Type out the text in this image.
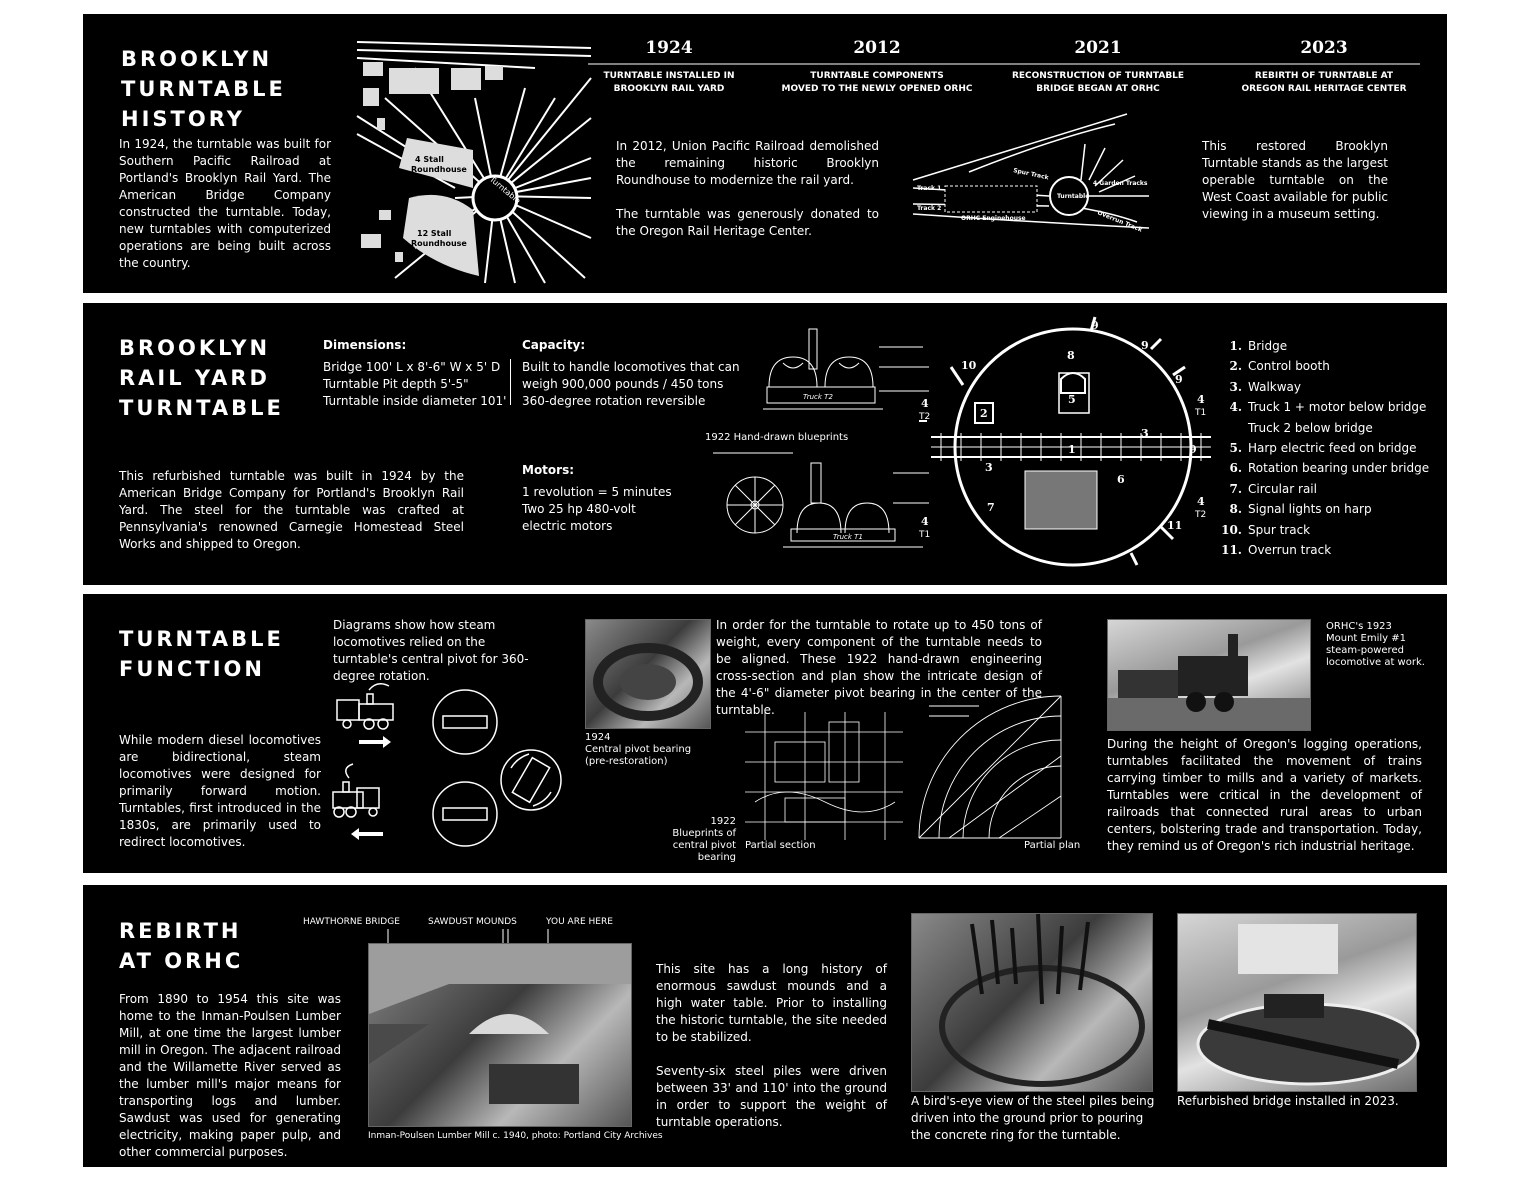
BROOKLYN
TURNTABLE
HISTORY
In 1924, the turntable was built for Southern Pacific Railroad at Portland's Brooklyn Rail Yard. The American Bridge Company constructed the turntable. Today, new turntables with computerized operations are being built across the country.
4 Stall
Roundhouse
12 Stall
Roundhouse
Turntable
1924
TURNTABLE INSTALLED IN
BROOKLYN RAIL YARD
2012
TURNTABLE COMPONENTS
MOVED TO THE NEWLY OPENED ORHC
2021
RECONSTRUCTION OF TURNTABLE
BRIDGE BEGAN AT ORHC
2023
REBIRTH OF TURNTABLE AT
OREGON RAIL HERITAGE CENTER
In 2012, Union Pacific Railroad demolished the remaining historic Brooklyn Roundhouse to modernize the rail yard.

The turntable was generously donated to the Oregon Rail Heritage Center.
Track 1
Track 2
Spur Track
Turntable
4 Garden Tracks
Overrun Track
ORHC Enginehouse
This restored Brooklyn Turntable stands as the largest operable turntable on the West Coast available for public viewing in a museum setting.
BROOKLYN
RAIL YARD
TURNTABLE
Dimensions:
Bridge 100' L x 8'-6" W x 5' D
Turntable Pit depth 5'-5"
Turntable inside diameter 101'
Capacity:
Built to handle locomotives that can weigh 900,000 pounds / 450 tons
360-degree rotation reversible
Motors:
1 revolution = 5 minutes
Two 25 hp 480-volt
electric motors
This refurbished turntable was built in 1924 by the American Bridge Company for Portland's Brooklyn Rail Yard. The steel for the turntable was crafted at Pennsylvania's renowned Carnegie Homestead Steel Works and shipped to Oregon.
Truck T2
1922 Hand-drawn blueprints
Truck T1
1
2
3
3
4	4
4
4
5
6
7
8
9
9
9
9
10
11
T2	T1
T2
T1
1. Bridge
2. Control booth
3. Walkway
4. Truck 1 + motor below bridge
Truck 2 below bridge
5. Harp electric feed on bridge
6. Rotation bearing under bridge
7. Circular rail
8. Signal lights on harp
10. Spur track
11. Overrun track
TURNTABLE
FUNCTION
Diagrams show how steam locomotives relied on the turntable's central pivot for 360-degree rotation.
While modern diesel locomotives are bidirectional, steam locomotives were designed for primarily forward motion. Turntables, first introduced in the 1830s, are primarily used to redirect locomotives.
1924
Central pivot bearing
(pre-restoration)
In order for the turntable to rotate up to 450 tons of weight, every component of the turntable needs to be aligned. These 1922 hand-drawn engineering cross-section and plan show the intricate design of the 4'-6" diameter pivot bearing in the center of the turntable.
Partial section
1922
Blueprints of
central pivot bearing
Partial plan
ORHC's 1923
Mount Emily #1
steam-powered
locomotive at work.
During the height of Oregon's logging operations, turntables facilitated the movement of trains carrying timber to mills and a variety of markets. Turntables were critical in the development of railroads that connected rural areas to urban centers, bolstering trade and transportation. Today, they remind us of Oregon's rich industrial heritage.
REBIRTH
AT ORHC
From 1890 to 1954 this site was home to the Inman-Poulsen Lumber Mill, at one time the largest lumber mill in Oregon. The adjacent railroad and the Willamette River served as the lumber mill's major means for transporting logs and lumber. Sawdust was used for generating electricity, making paper pulp, and other commercial purposes.
HAWTHORNE BRIDGE	SAWDUST MOUNDS	YOU ARE HERE
Inman-Poulsen Lumber Mill c. 1940, photo: Portland City Archives
This site has a long history of enormous sawdust mounds and a high water table. Prior to installing the historic turntable, the site needed to be stabilized.

Seventy-six steel piles were driven between 33' and 110' into the ground in order to support the weight of turntable operations.
A bird's-eye view of the steel piles being driven into the ground prior to pouring the concrete ring for the turntable.
Refurbished bridge installed in 2023.
